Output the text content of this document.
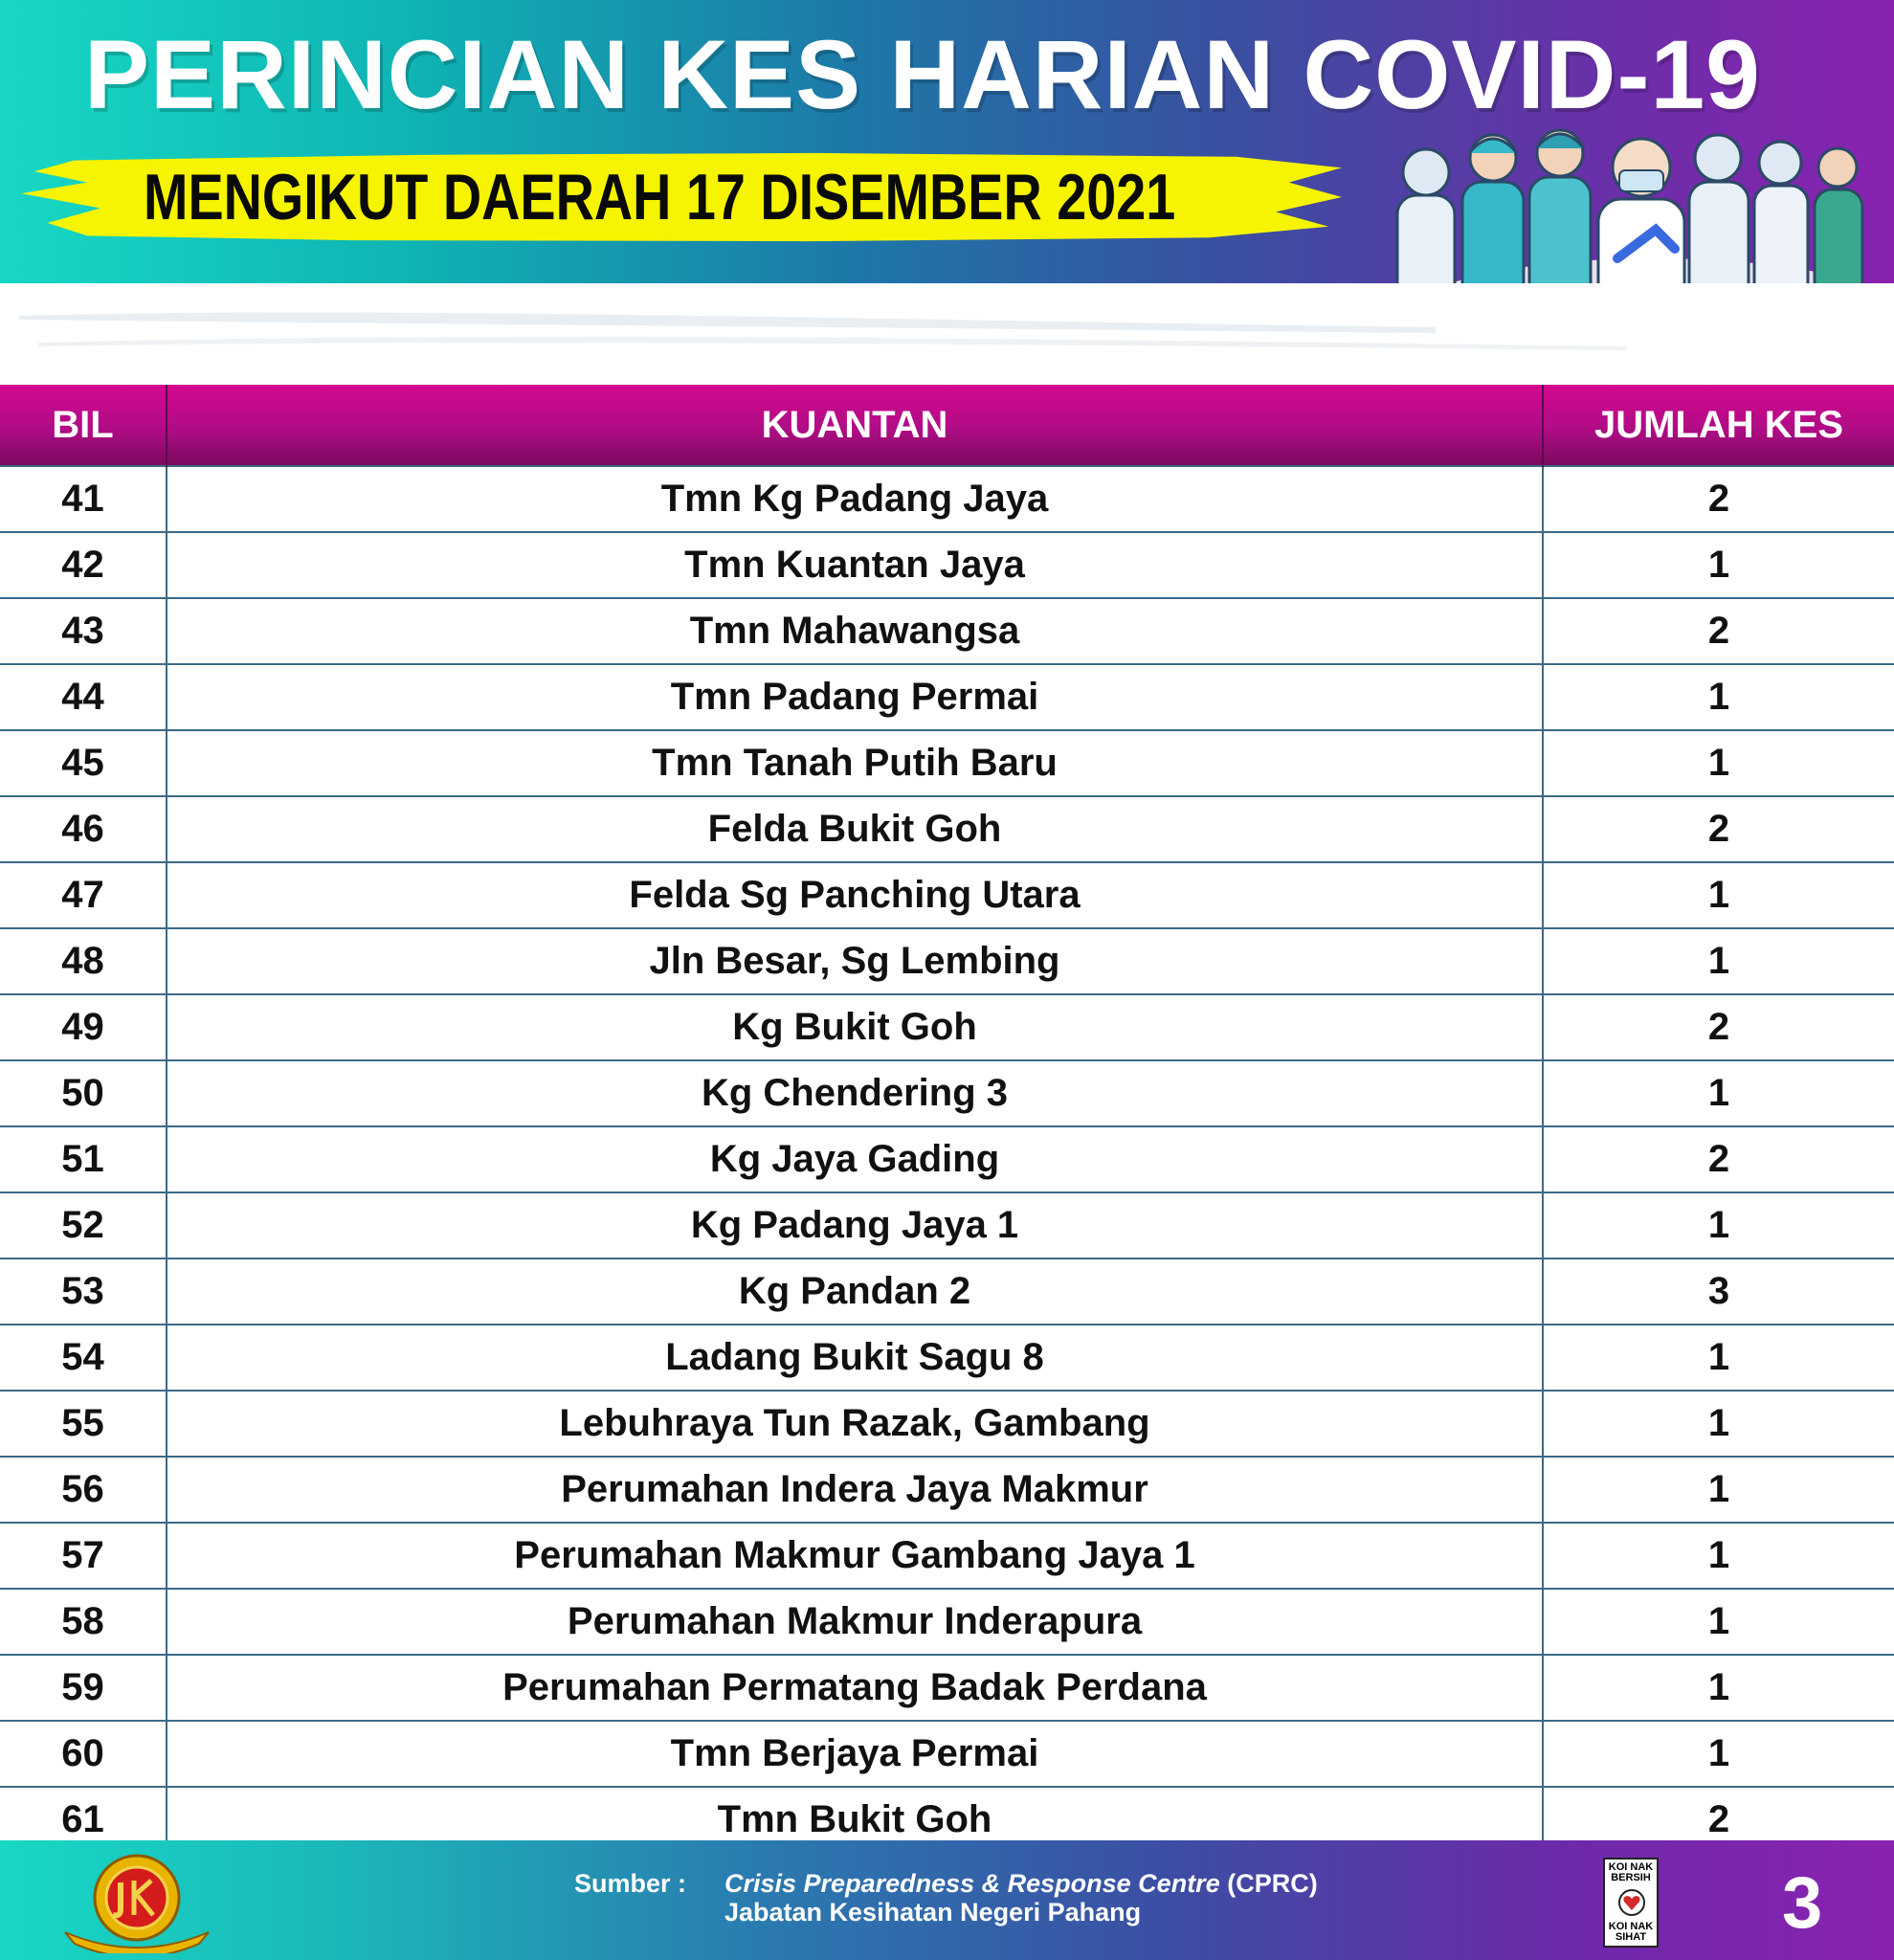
PERINCIAN KES HARIAN COVID-19
MENGIKUT DAERAH 17 DISEMBER 2021
BIL	KUANTAN	JUMLAH KES
41	Tmn Kg Padang Jaya	2
42	Tmn Kuantan Jaya	1
43	Tmn Mahawangsa	2
44	Tmn Padang Permai	1
45	Tmn Tanah Putih Baru	1
46	Felda Bukit Goh	2
47	Felda Sg Panching Utara	1
48	Jln Besar, Sg Lembing	1
49	Kg Bukit Goh	2
50	Kg Chendering 3	1
51	Kg Jaya Gading	2
52	Kg Padang Jaya 1	1
53	Kg Pandan 2	3
54	Ladang Bukit Sagu 8	1
55	Lebuhraya Tun Razak, Gambang	1
56	Perumahan Indera Jaya Makmur	1
57	Perumahan Makmur Gambang Jaya 1	1
58	Perumahan Makmur Inderapura	1
59	Perumahan Permatang Badak Perdana	1
60	Tmn Berjaya Permai	1
61	Tmn Bukit Goh	2
Sumber : Crisis Preparedness & Response Centre (CPRC)
Jabatan Kesihatan Negeri Pahang
KOI NAK BERSIH
KOI NAK SIHAT 3
